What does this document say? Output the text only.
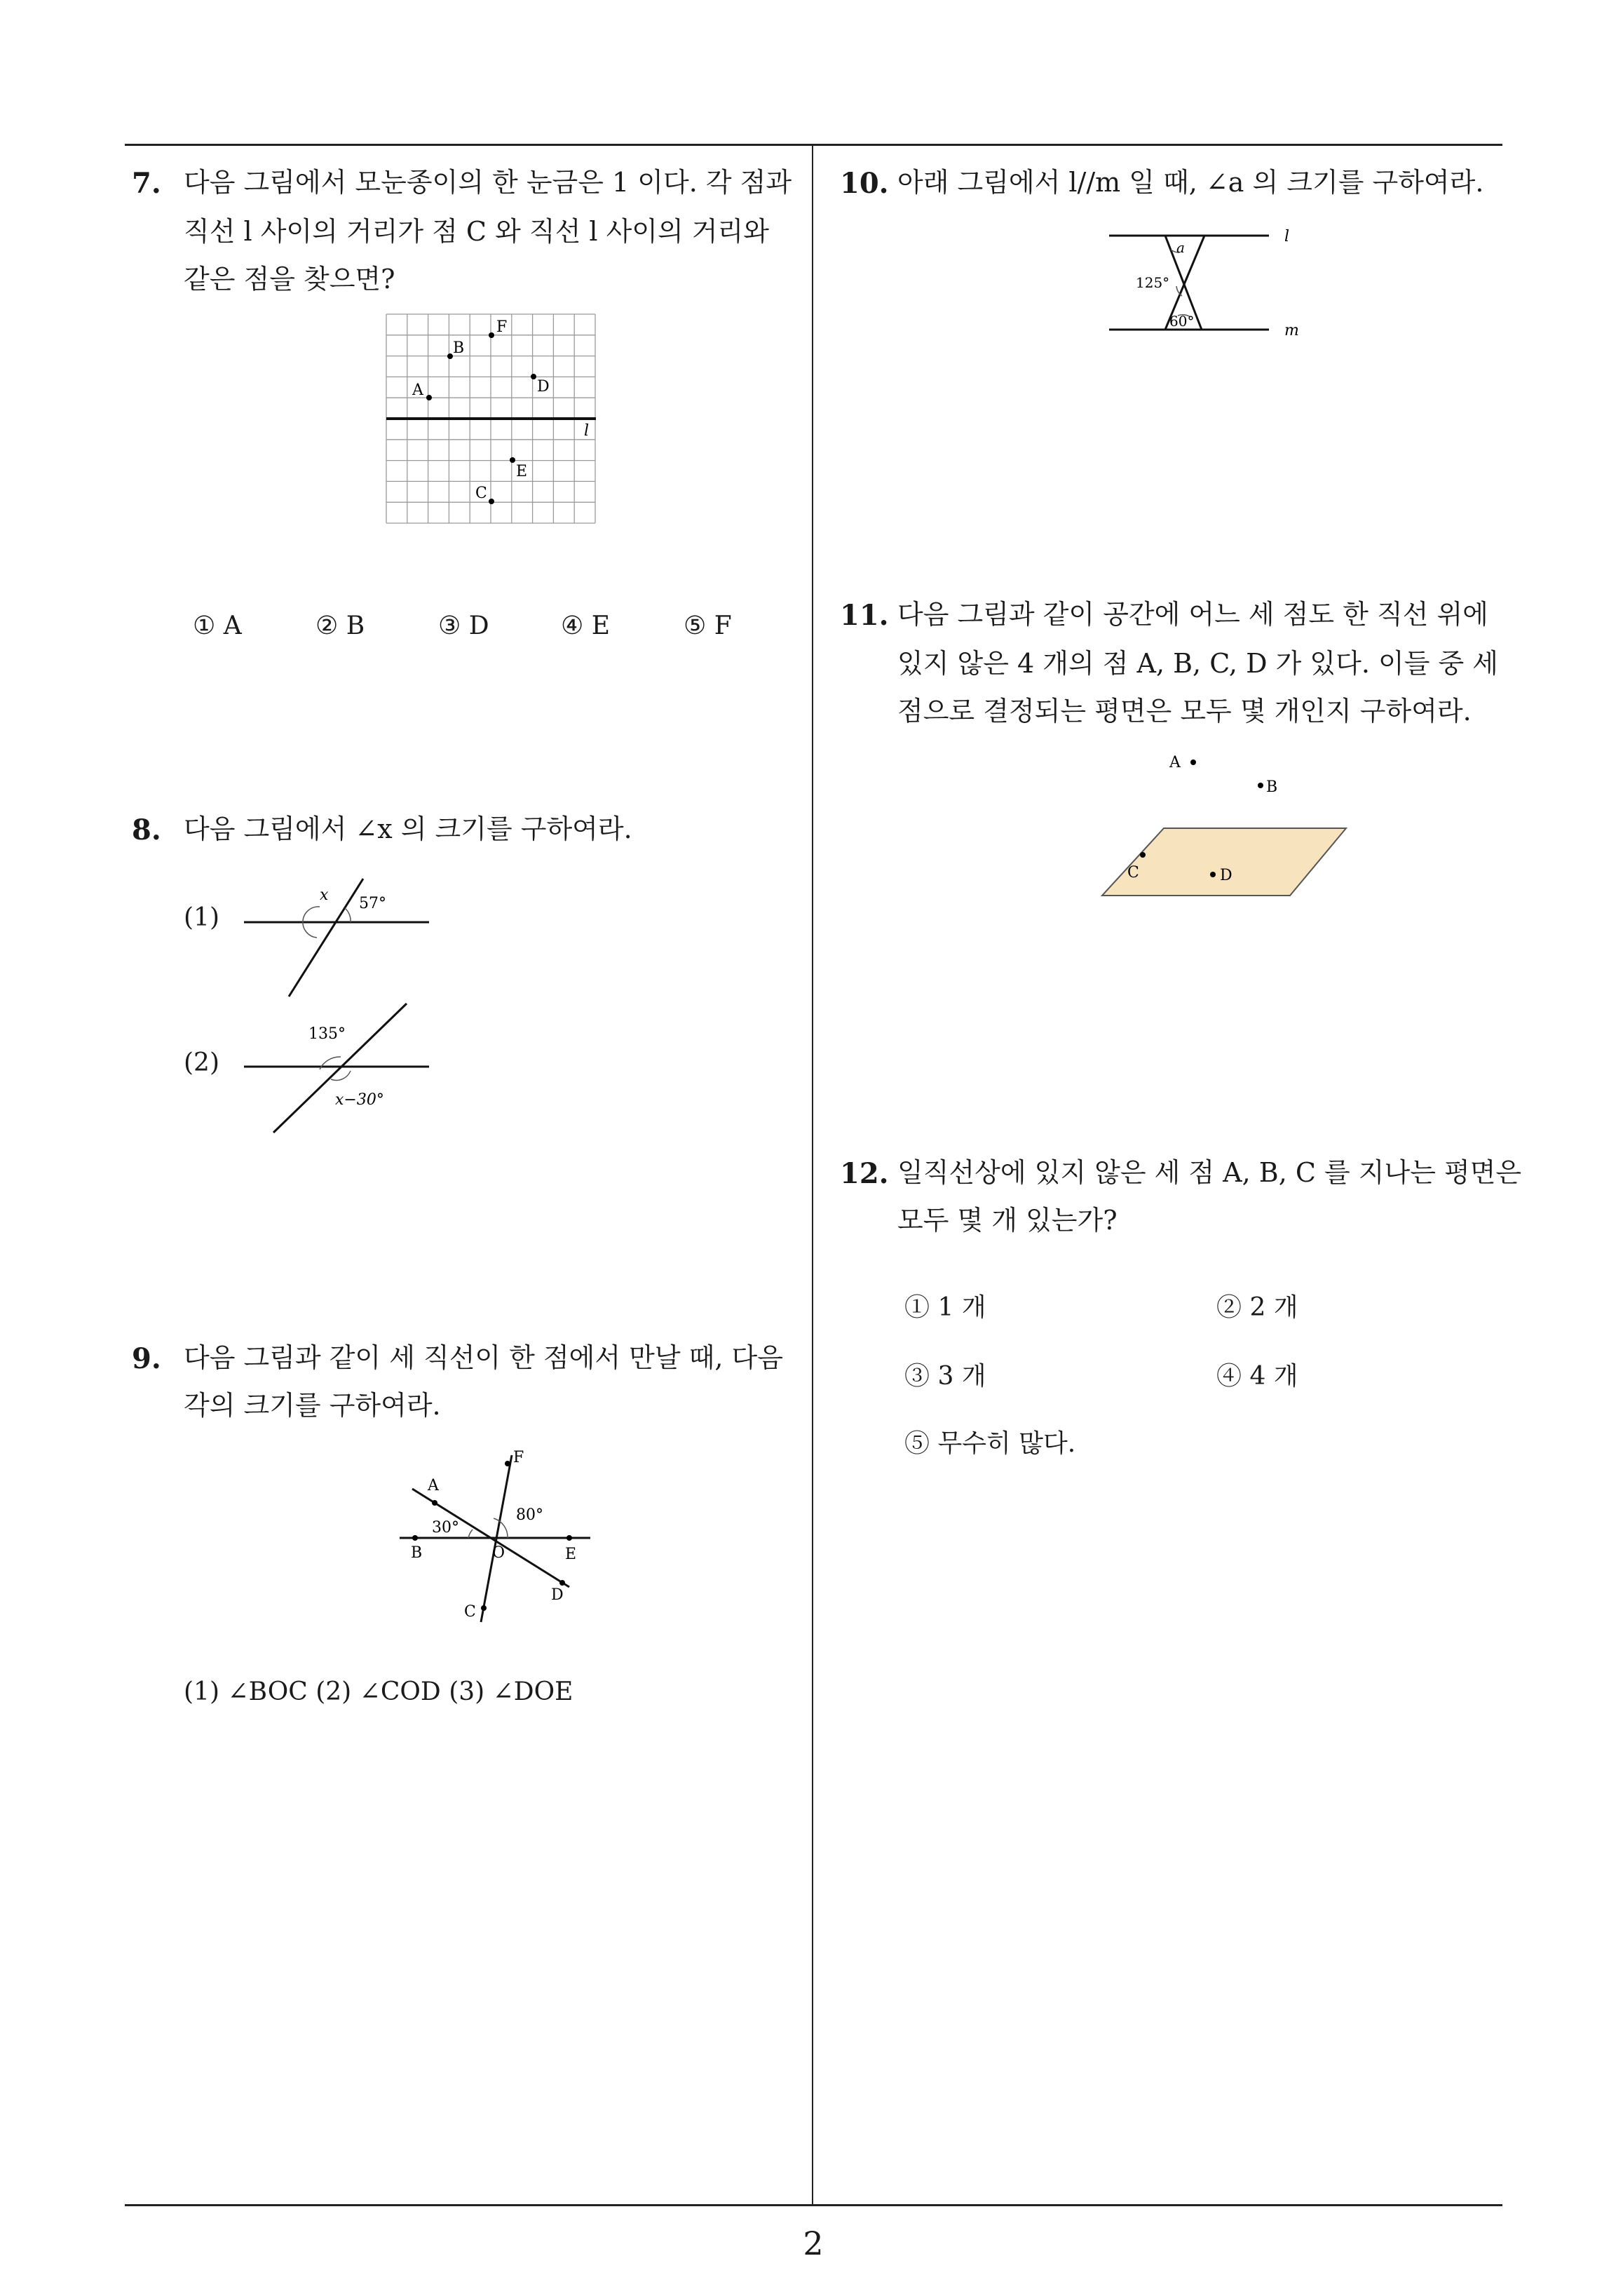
2
7. 다음 그림에서 모눈종이의 한 눈금은 1 이다. 각 점과
직선 l 사이의 거리가 점 C 와 직선 l 사이의 거리와
같은 점을 찾으면?
l
A
B
F
D
E
C
① A	② B	③ D	④ E	⑤ F
8. 다음 그림에서 ∠x 의 크기를 구하여라.
(1)
(2)
x 57°
135°
x−30°
9. 다음 그림과 같이 세 직선이 한 점에서 만날 때, 다음
각의 크기를 구하여라.
A
B
C
D
E
F
O
30°
80°
(1) ∠BOC (2) ∠COD (3) ∠DOE
10. 아래 그림에서 l//m 일 때, ∠a 의 크기를 구하여라.
l
m
a
125°
60°
11. 다음 그림과 같이 공간에 어느 세 점도 한 직선 위에
있지 않은 4 개의 점 A, B, C, D 가 있다. 이들 중 세
점으로 결정되는 평면은 모두 몇 개인지 구하여라.
A
B
C	D
12. 일직선상에 있지 않은 세 점 A, B, C 를 지나는 평면은
모두 몇 개 있는가?
① 1 개	② 2 개
③ 3 개	④ 4 개
⑤ 무수히 많다.
